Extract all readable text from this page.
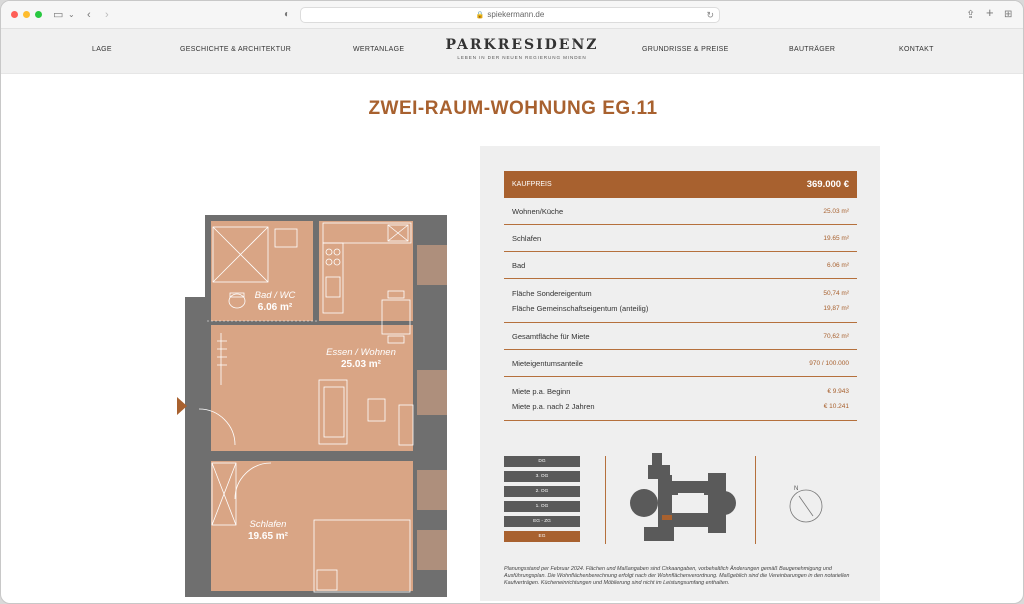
▭ ⌄ ‹ ›	◐	🔒 spiekermann.de	↻	⇪ + ⊞
LAGE	GESCHICHTE & ARCHITEKTUR	WERTANLAGE	PARKRESIDENZ
LEBEN IN DER NEUEN REGIERUNG MINDEN
GRUNDRISSE & PREISE	BAUTRÄGER	KONTAKT
ZWEI-RAUM-WOHNUNG EG.11
Bad / WC
6.06 m²
Essen / Wohnen
25.03 m²
Schlafen
19.65 m²
KAUFPREIS	369.000 €
Wohnen/Küche	25.03 m²
Schlafen	19.65 m²
Bad	6.06 m²
Fläche Sondereigentum	50,74 m²
Fläche Gemeinschaftseigentum (anteilig)	19,87 m²
Gesamtfläche für Miete	70,62 m²
Mieteigentumsanteile	970 / 100.000
Miete p.a. Beginn	€ 9.943
Miete p.a. nach 2 Jahren	€ 10.241
DG
3. OG
2. OG
1. OG
EG - ZG
EG
N
Planungsstand per Februar 2024. Flächen und Maßangaben sind Cirkaangaben, vorbehaltlich Änderungen gemäß Baugenehmigung und Ausführungsplan. Die Wohnflächenberechnung erfolgt nach der Wohnflächenverordnung. Maßgeblich sind die Vereinbarungen in den notariellen Kaufverträgen. Kücheneinrichtungen und Möblierung sind nicht im Leistungsumfang enthalten.
